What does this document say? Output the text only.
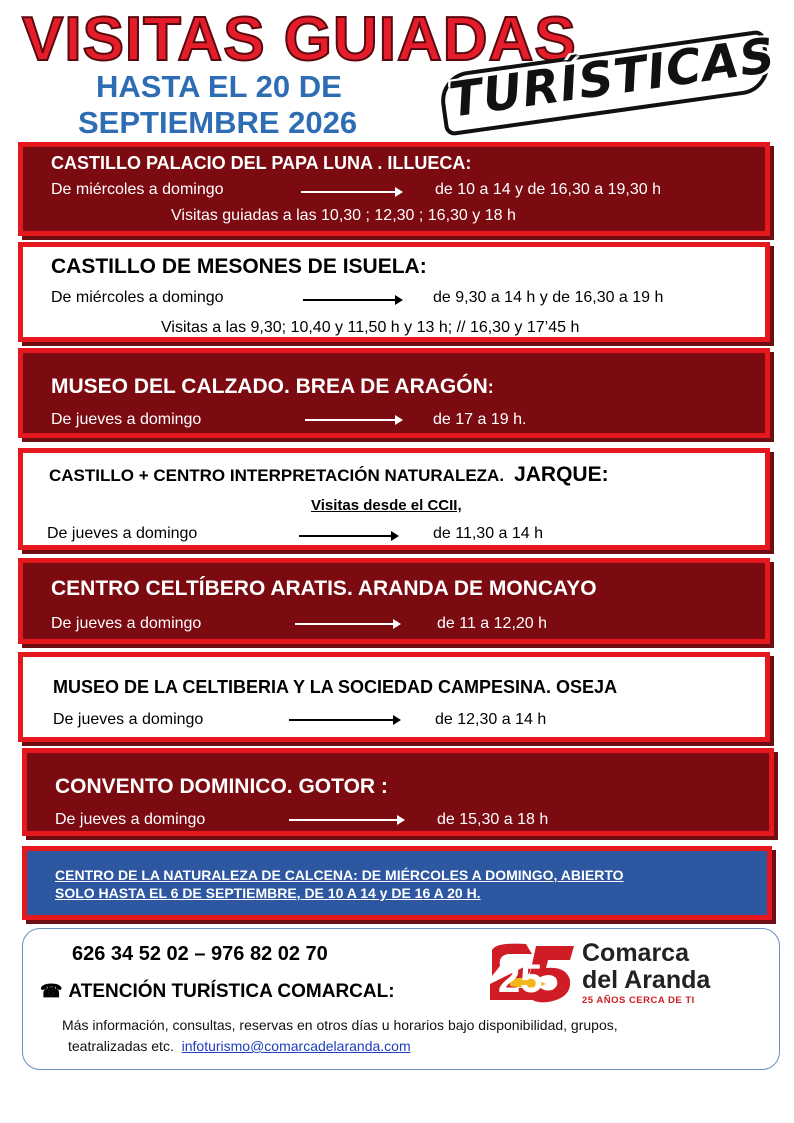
VISITAS GUIADAS
HASTA EL 20 DE
SEPTIEMBRE 2026 TURÍSTICAS
CASTILLO PALACIO DEL PAPA LUNA . ILLUECA:
De miércoles a domingo	de 10 a 14 y de 16,30 a 19,30 h
Visitas guiadas a las 10,30 ; 12,30 ; 16,30 y 18 h
CASTILLO DE MESONES DE ISUELA:
De miércoles a domingo	de 9,30 a 14 h y de 16,30 a 19 h
Visitas a las 9,30; 10,40 y 11,50 h y 13 h; // 16,30 y 17’45 h
MUSEO DEL CALZADO. BREA DE ARAGÓN:
De jueves a domingo	de 17 a 19 h.
CASTILLO + CENTRO INTERPRETACIÓN NATURALEZA. JARQUE:
Visitas desde el CCII,
De jueves a domingo	de 11,30 a 14 h
CENTRO CELTÍBERO ARATIS. ARANDA DE MONCAYO
De jueves a domingo	de 11 a 12,20 h
MUSEO DE LA CELTIBERIA Y LA SOCIEDAD CAMPESINA. OSEJA
De jueves a domingo	de 12,30 a 14 h
CONVENTO DOMINICO. GOTOR :
De jueves a domingo	de 15,30 a 18 h
CENTRO DE LA NATURALEZA DE CALCENA: DE MIÉRCOLES A DOMINGO, ABIERTO
SOLO HASTA EL 6 DE SEPTIEMBRE, DE 10 A 14 y DE 16 A 20 H.
626 34 52 02 – 976 82 02 70
☎ ATENCIÓN TURÍSTICA COMARCAL:
Más información, consultas, reservas en otros días u horarios bajo disponibilidad, grupos,
teatralizadas etc. infoturismo@comarcadelaranda.com
25
Comarca
del Aranda
25 AÑOS CERCA DE TI
